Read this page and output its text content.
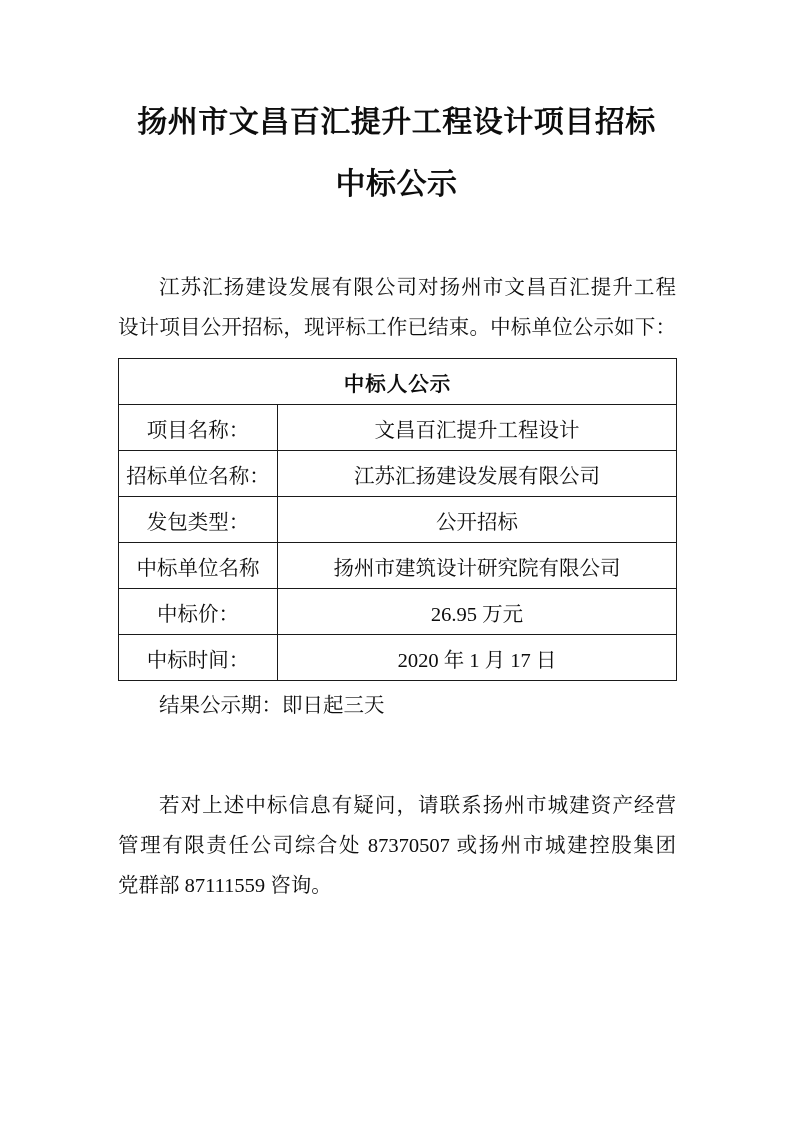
扬州市文昌百汇提升工程设计项目招标
中标公示
江苏汇扬建设发展有限公司对扬州市文昌百汇提升工程
设计项目公开招标，现评标工作已结束。中标单位公示如下：
中标人公示	
项目名称：	文昌百汇提升工程设计
招标单位名称：	江苏汇扬建设发展有限公司
发包类型：	公开招标
中标单位名称	扬州市建筑设计研究院有限公司
中标价：	26.95 万元
中标时间：	2020 年 1 月 17 日
结果公示期：即日起三天
若对上述中标信息有疑问，请联系扬州市城建资产经营
管理有限责任公司综合处 87370507 或扬州市城建控股集团
党群部 87111559 咨询。
